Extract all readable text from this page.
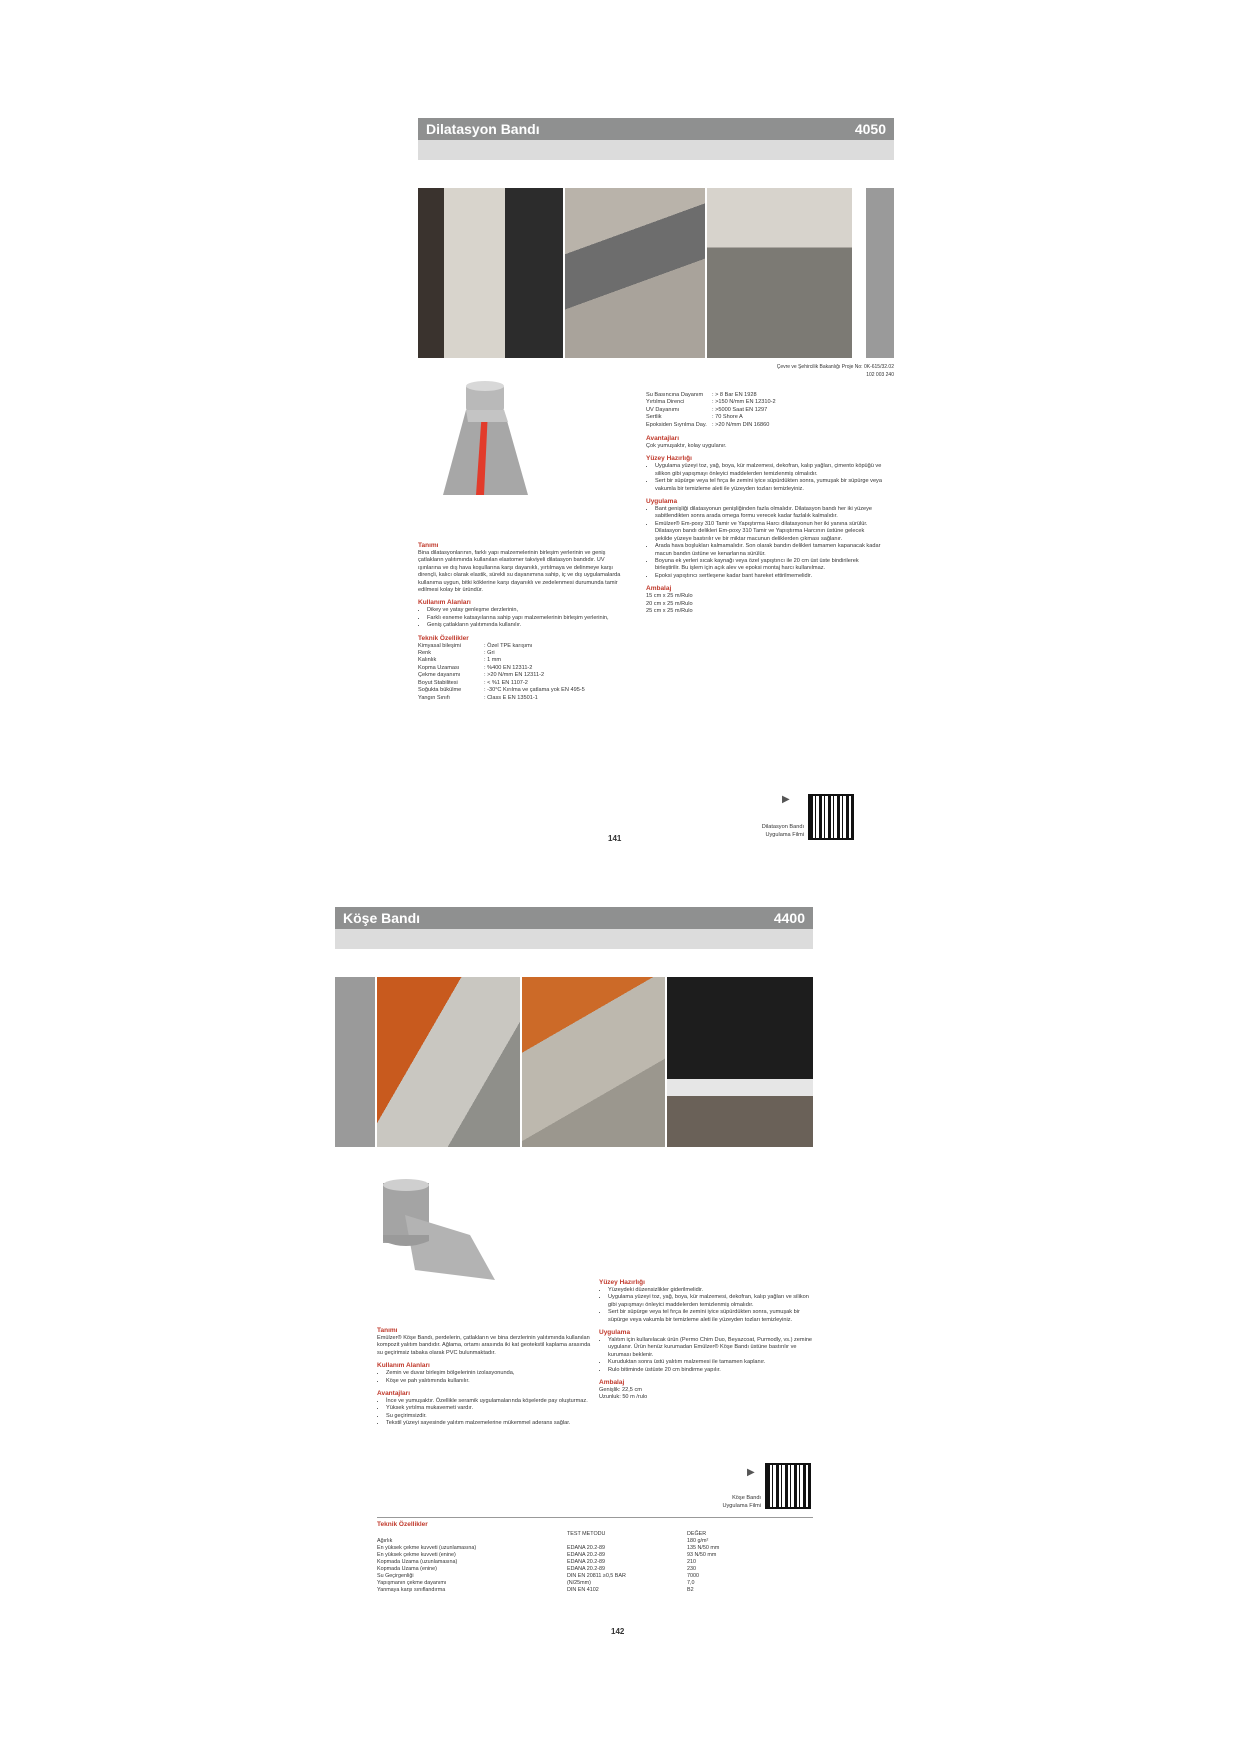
Dilatasyon Bandı	4050
Çevre ve Şehircilik Bakanlığı Proje No: 0K-615/32.02
102 003 240
Su Basıncına Dayanım	: > 8 Bar EN 1928
Yırtılma Direnci	: >150 N/mm EN 12310-2
UV Dayanımı	: >5000 Saat EN 1297
Sertlik	: 70 Shore A
Epoksiden Sıyrılma Day. : >20 N/mm DIN 16860
Avantajları
Çok yumuşaktır, kolay uygulanır.
Yüzey Hazırlığı
• Uygulama yüzeyi toz, yağ, boya, kür malzemesi, dekofran, kalıp yağları, çimento köpüğü ve silikon gibi yapışmayı önleyici maddelerden temizlenmiş olmalıdır.
• Sert bir süpürge veya tel fırça ile zemini iyice süpürdükten sonra, yumuşak bir süpürge veya vakumla bir temizleme aleti ile yüzeyden tozları temizleyiniz.
Uygulama
• Bant genişliği dilatasyonun genişliğinden fazla olmalıdır. Dilatasyon bandı her iki yüzeye sabitlendikten sonra arada omega formu verecek kadar fazlalık kalmalıdır.
• Emülzer® Em-poxy 310 Tamir ve Yapıştırma Harcı dilatasyonun her iki yanına sürülür. Dilatasyon bandı delikleri Em-poxy 310 Tamir ve Yapıştırma Harcının üstüne gelecek şekilde yüzeye bastırılır ve bir miktar macunun deliklerden çıkması sağlanır.
• Arada hava boşlukları kalmamalıdır. Son olarak bandın delikleri tamamen kapanacak kadar macun bandın üstüne ve kenarlarına sürülür.
• Boyuna ek yerleri sıcak kaynağı veya özel yapıştırıcı ile 20 cm üst üste bindirilerek birleştirilir. Bu işlem için açık alev ve epoksi montaj harcı kullanılmaz.
• Epoksi yapıştırıcı sertleşene kadar bant hareket ettirilmemelidir.
Ambalaj
15 cm x 25 m/Rulo
20 cm x 25 m/Rulo
25 cm x 25 m/Rulo
Tanımı
Bina dilatasyonlarının, farklı yapı malzemelerinin birleşim yerlerinin ve geniş çatlakların yalıtımında kullanılan elastomer takviyeli dilatasyon bandıdır. UV ışınlarına ve dış hava koşullarına karşı dayanıklı, yırtılmaya ve delinmeye karşı dirençli, kalıcı olarak elastik, sürekli su dayanımına sahip, iç ve dış uygulamalarda kullanıma uygun, bitki köklerine karşı dayanıklı ve zedelenmesi durumunda tamir edilmesi kolay bir üründür.
Kullanım Alanları
• Dikey ve yatay genleşme derzlerinin,
• Farklı esneme katsayılarına sahip yapı malzemelerinin birleşim yerlerinin,
• Geniş çatlakların yalıtımında kullanılır.
Teknik Özellikler
Kimyasal bileşimi	: Özel TPE karışımı
Renk	: Gri
Kalınlık	: 1 mm
Kopma Uzaması	: %400 EN 12311-2
Çekme dayanımı	: >20 N/mm EN 12311-2
Boyut Stabilitesi	: < %1 EN 1107-2
Soğukta bükülme	: -30°C Kırılma ve çatlama yok EN 495-5
Yangın Sınıfı	: Class E EN 13501-1
▶
Dilatasyon Bandı
Uygulama Filmi
141
Köşe Bandı	4400
Yüzey Hazırlığı
• Yüzeydeki düzensizlikler giderilmelidir.
• Uygulama yüzeyi toz, yağ, boya, kür malzemesi, dekofran, kalıp yağları ve silikon gibi yapışmayı önleyici maddelerden temizlenmiş olmalıdır.
• Sert bir süpürge veya tel fırça ile zemini iyice süpürdükten sonra, yumuşak bir süpürge veya vakumla bir temizleme aleti ile yüzeyden tozları temizleyiniz.
Uygulama
• Yalıtım için kullanılacak ürün (Permo Chim Duo, Beyazcoat, Purmodly, vs.) zemine uygulanır. Ürün henüz kurumadan Emülzer® Köşe Bandı üstüne bastırılır ve kuruması beklenir.
• Kuruduktan sonra üstü yalıtım malzemesi ile tamamen kaplanır.
• Rulo bitiminde üstüste 20 cm bindirme yapılır.
Ambalaj
Genişlik: 22,5 cm
Uzunluk: 50 m /rulo
Tanımı
Emülzer® Köşe Bandı, perdelerin, çatlakların ve bina derzlerinin yalıtımında kullanılan kompozit yalıtım bandıdır. Ağlama, ortamı arasında iki kat geotekstil kaplama arasında su geçirimsiz tabaka olarak PVC bulunmaktadır.
Kullanım Alanları
• Zemin ve duvar birleşim bölgelerinin izolasyonunda,
• Köşe ve pah yalıtımında kullanılır.
Avantajları
• İnce ve yumuşaktır. Özellikle seramik uygulamalarında köşelerde pay oluşturmaz.
• Yüksek yırtılma mukavemeti vardır.
• Su geçirimsizdir.
• Tekstil yüzeyi sayesinde yalıtım malzemelerine mükemmel aderans sağlar.
▶
Köşe Bandı
Uygulama Filmi
Teknik Özellikler
	TEST METODU	DEĞER
Ağırlık		180 g/m²
En yüksek çekme kuvveti (uzunlamasına)	EDANA 20.2-89	135 N/50 mm
En yüksek çekme kuvveti (enine)	EDANA 20.2-89	93 N/50 mm
Kopmada Uzama (uzunlamasına)	EDANA 20.2-89	210
Kopmada Uzama (enine)	EDANA 20.2-89	230
Su Geçirgenliği	DIN EN 20811 ≥0,5 BAR	7000
Yapışmanın çekme dayanımı	(N/25mm)	7,0
Yanmaya karşı sınıflandırma	DIN EN 4102	B2
142
